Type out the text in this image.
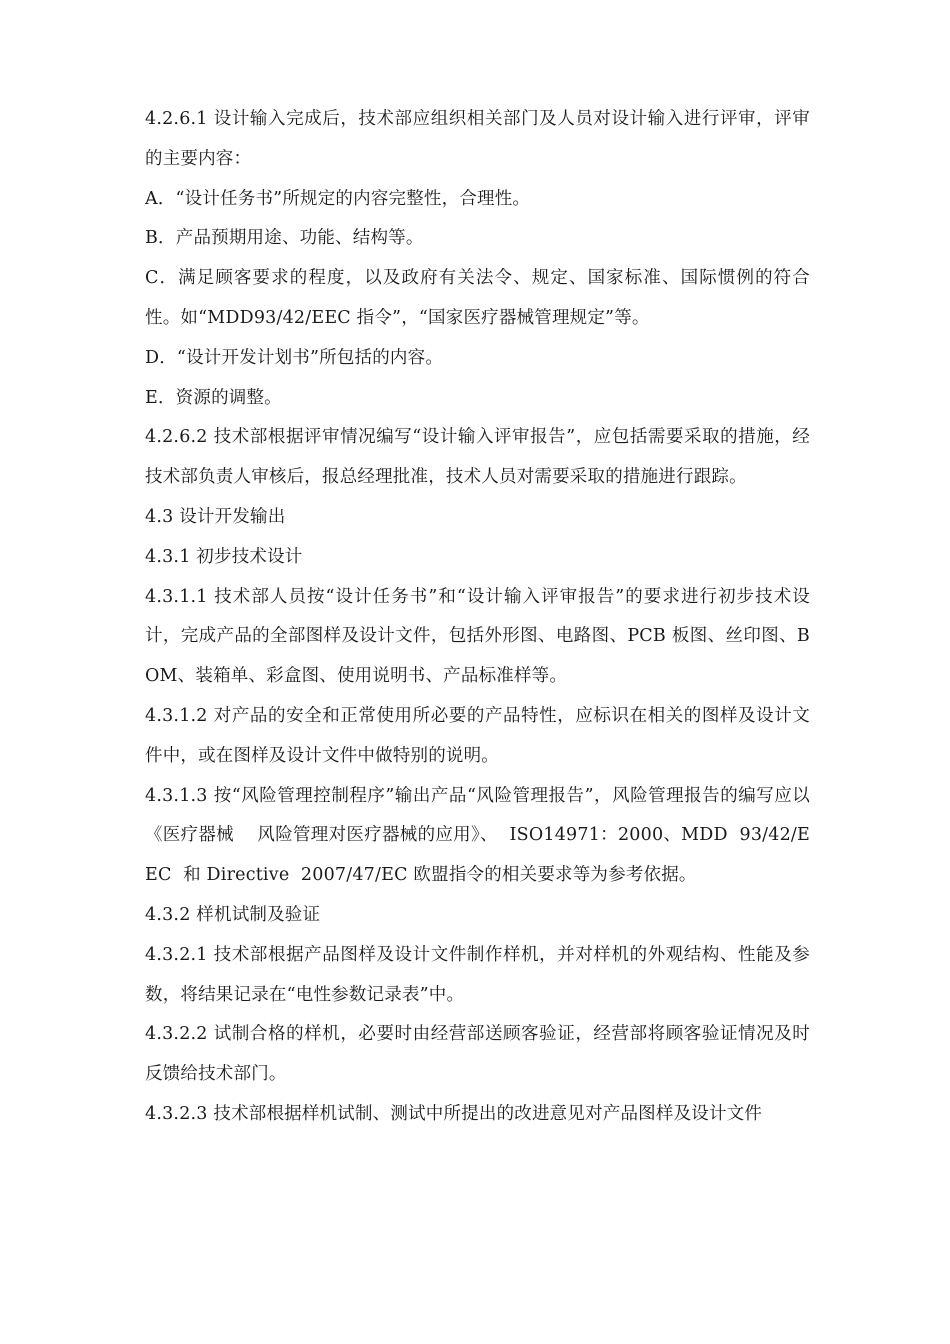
4.2.6.1 设计输入完成后，技术部应组织相关部门及人员对设计输入进行评审，评审的主要内容：

A．“设计任务书”所规定的内容完整性，合理性。

B．产品预期用途、功能、结构等。

C．满足顾客要求的程度，以及政府有关法令、规定、国家标准、国际惯例的符合性。如“MDD93/42/EEC 指令”，“国家医疗器械管理规定”等。

D．“设计开发计划书”所包括的内容。

E．资源的调整。

4.2.6.2 技术部根据评审情况编写“设计输入评审报告”，应包括需要采取的措施，经技术部负责人审核后，报总经理批准，技术人员对需要采取的措施进行跟踪。

4.3 设计开发输出

4.3.1 初步技术设计

4.3.1.1 技术部人员按“设计任务书”和“设计输入评审报告”的要求进行初步技术设计，完成产品的全部图样及设计文件，包括外形图、电路图、PCB 板图、丝印图、BOM、装箱单、彩盒图、使用说明书、产品标准样等。

4.3.1.2 对产品的安全和正常使用所必要的产品特性，应标识在相关的图样及设计文件中，或在图样及设计文件中做特别的说明。

4.3.1.3 按“风险管理控制程序”输出产品“风险管理报告”，风险管理报告的编写应以《医疗器械    风险管理对医疗器械的应用》、  ISO14971：2000、MDD  93/42/EEC  和 Directive  2007/47/EC 欧盟指令的相关要求等为参考依据。

4.3.2 样机试制及验证

4.3.2.1 技术部根据产品图样及设计文件制作样机，并对样机的外观结构、性能及参数，将结果记录在“电性参数记录表”中。

4.3.2.2 试制合格的样机，必要时由经营部送顾客验证，经营部将顾客验证情况及时反馈给技术部门。

4.3.2.3 技术部根据样机试制、测试中所提出的改进意见对产品图样及设计文件
